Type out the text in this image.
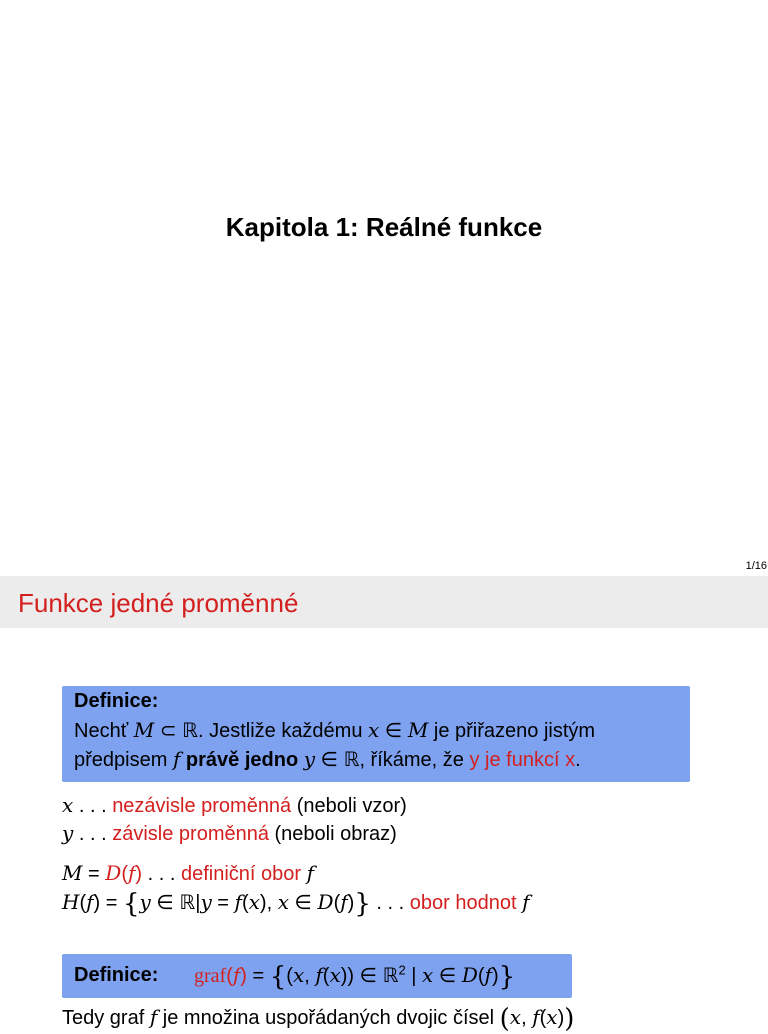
Kapitola 1: Reálné funkce
1/16
Funkce jedné proměnné
Definice:
Nechť M ⊂ ℝ. Jestliže každému x ∈ M je přiřazeno jistým
předpisem f právě jedno y ∈ ℝ, říkáme, že y je funkcí x.
x . . . nezávisle proměnná (neboli vzor)
y . . . závisle proměnná (neboli obraz)
M = D(f) . . . definiční obor f
H(f) = {y ∈ ℝ|y = f(x), x ∈ D(f)} . . . obor hodnot f
Definice: graf(f) = {(x, f(x)) ∈ ℝ$^2$ | x ∈ D(f)}
Tedy graf f je množina uspořádaných dvojic čísel (x, f(x))
